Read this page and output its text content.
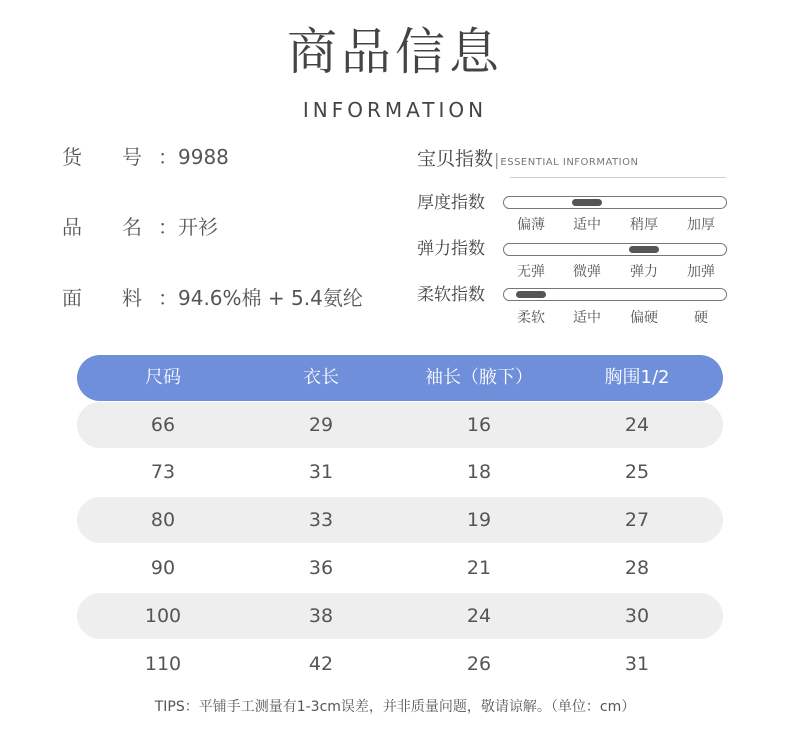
商品信息
INFORMATION
货　　号 ：9988
品　　名 ：开衫
面　　料 ：94.6%棉 + 5.4氨纶
宝贝指数|ESSENTIAL INFORMATION
厚度指数
偏薄	适中	稍厚	加厚
弹力指数
无弹	微弹	弹力	加弹
柔软指数
柔软	适中	偏硬	硬
尺码	衣长	袖长（腋下）	胸围1/2
66	29	16	24
73	31	18	25
80	33	19	27
90	36	21	28
100	38	24	30
110	42	26	31
TIPS：平铺手工测量有1-3cm误差，并非质量问题，敬请谅解。（单位：cm）
